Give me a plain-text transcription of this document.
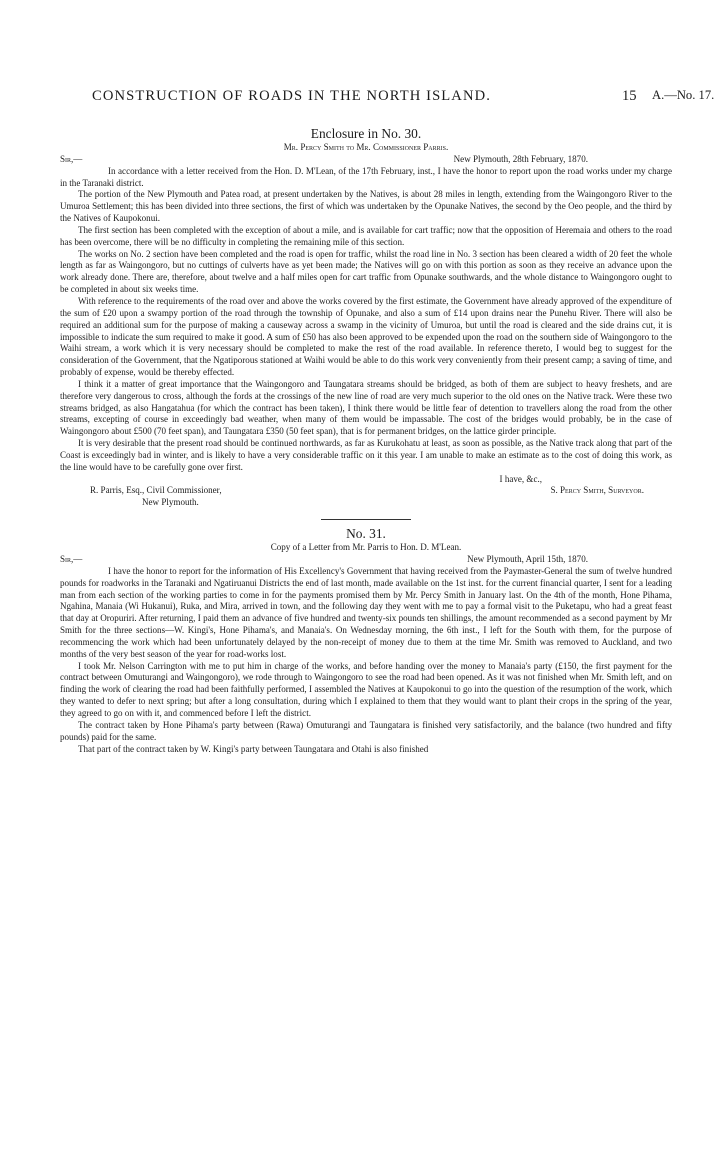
CONSTRUCTION OF ROADS IN THE NORTH ISLAND.	15 A.—No. 17.
Enclosure in No. 30.
Mr. Percy Smith to Mr. Commissioner Parris.
Sir,—	New Plymouth, 28th February, 1870.

In accordance with a letter received from the Hon. D. M'Lean, of the 17th February, inst., I have the honor to report upon the road works under my charge in the Taranaki district.

The portion of the New Plymouth and Patea road, at present undertaken by the Natives, is about 28 miles in length, extending from the Waingongoro River to the Umuroa Settlement; this has been divided into three sections, the first of which was undertaken by the Opunake Natives, the second by the Oeo people, and the third by the Natives of Kaupokonui.

The first section has been completed with the exception of about a mile, and is available for cart traffic; now that the opposition of Heremaia and others to the road has been overcome, there will be no difficulty in completing the remaining mile of this section.

The works on No. 2 section have been completed and the road is open for traffic, whilst the road line in No. 3 section has been cleared a width of 20 feet the whole length as far as Waingongoro, but no cuttings of culverts have as yet been made; the Natives will go on with this portion as soon as they receive an advance upon the work already done. There are, therefore, about twelve and a half miles open for cart traffic from Opunake southwards, and the whole distance to Waingongoro ought to be completed in about six weeks time.

With reference to the requirements of the road over and above the works covered by the first estimate, the Government have already approved of the expenditure of the sum of £20 upon a swampy portion of the road through the township of Opunake, and also a sum of £14 upon drains near the Punehu River. There will also be required an additional sum for the purpose of making a causeway across a swamp in the vicinity of Umuroa, but until the road is cleared and the side drains cut, it is impossible to indicate the sum required to make it good. A sum of £50 has also been approved to be expended upon the road on the southern side of Waingongoro to the Waihi stream, a work which it is very necessary should be completed to make the rest of the road available. In reference thereto, I would beg to suggest for the consideration of the Government, that the Ngatiporous stationed at Waihi would be able to do this work very conveniently from their present camp; a saving of time, and probably of expense, would be thereby effected.

I think it a matter of great importance that the Waingongoro and Taungatara streams should be bridged, as both of them are subject to heavy freshets, and are therefore very dangerous to cross, although the fords at the crossings of the new line of road are very much superior to the old ones on the Native track. Were these two streams bridged, as also Hangatahua (for which the contract has been taken), I think there would be little fear of detention to travellers along the road from the other streams, excepting of course in exceedingly bad weather, when many of them would be impassable. The cost of the bridges would probably, be in the case of Waingongoro about £500 (70 feet span), and Taungatara £350 (50 feet span), that is for permanent bridges, on the lattice girder principle.

It is very desirable that the present road should be continued northwards, as far as Kurukohatu at least, as soon as possible, as the Native track along that part of the Coast is exceedingly bad in winter, and is likely to have a very considerable traffic on it this year. I am unable to make an estimate as to the cost of doing this work, as the line would have to be carefully gone over first.

I have, &c.,
R. Parris, Esq., Civil Commissioner,	S. Percy Smith, Surveyor.
New Plymouth.
No. 31.
Copy of a Letter from Mr. Parris to Hon. D. M'Lean.
Sir,—	New Plymouth, April 15th, 1870.

I have the honor to report for the information of His Excellency's Government that having received from the Paymaster-General the sum of twelve hundred pounds for roadworks in the Taranaki and Ngatiruanui Districts the end of last month, made available on the 1st inst. for the current financial quarter, I sent for a leading man from each section of the working parties to come in for the payments promised them by Mr. Percy Smith in January last. On the 4th of the month, Hone Pihama, Ngahina, Manaia (Wi Hukanui), Ruka, and Mira, arrived in town, and the following day they went with me to pay a formal visit to the Puketapu, who had a great feast that day at Oropuriri. After returning, I paid them an advance of five hundred and twenty-six pounds ten shillings, the amount recommended as a second payment by Mr Smith for the three sections—W. Kingi's, Hone Pihama's, and Manaia's. On Wednesday morning, the 6th inst., I left for the South with them, for the purpose of recommencing the work which had been unfortunately delayed by the non-receipt of money due to them at the time Mr. Smith was removed to Auckland, and two months of the very best season of the year for road-works lost.

I took Mr. Nelson Carrington with me to put him in charge of the works, and before handing over the money to Manaia's party (£150, the first payment for the contract between Omuturangi and Waingongoro), we rode through to Waingongoro to see the road had been opened. As it was not finished when Mr. Smith left, and on finding the work of clearing the road had been faithfully performed, I assembled the Natives at Kaupokonui to go into the question of the resumption of the work, which they wanted to defer to next spring; but after a long consultation, during which I explained to them that they would want to plant their crops in the spring of the year, they agreed to go on with it, and commenced before I left the district.

The contract taken by Hone Pihama's party between (Rawa) Omuturangi and Taungatara is finished very satisfactorily, and the balance (two hundred and fifty pounds) paid for the same.

That part of the contract taken by W. Kingi's party between Taungatara and Otahi is also finished
